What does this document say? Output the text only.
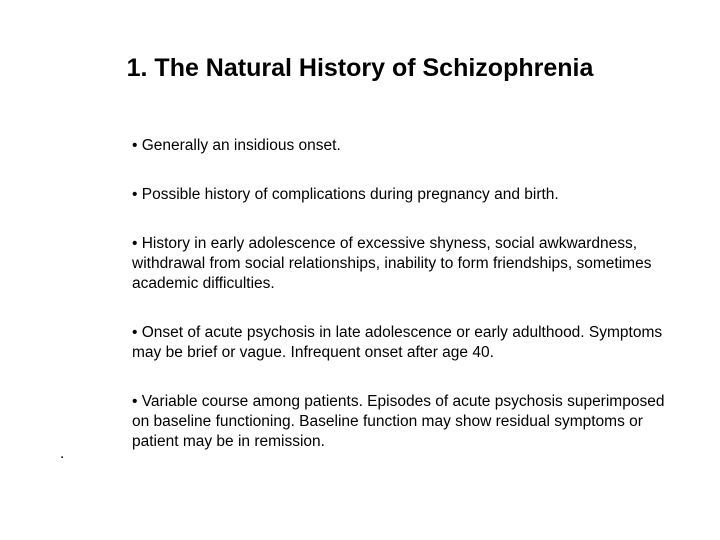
1. The Natural History of Schizophrenia
• Generally an insidious onset.
• Possible history of complications during pregnancy and birth.
• History in early adolescence of excessive shyness, social awkwardness, withdrawal from social relationships, inability to form friendships, sometimes academic difficulties.
• Onset of acute psychosis in late adolescence or early adulthood. Symptoms may be brief or vague. Infrequent onset after age 40.
• Variable course among patients. Episodes of acute psychosis superimposed on baseline functioning. Baseline function may show residual symptoms or patient may be in remission.
.
